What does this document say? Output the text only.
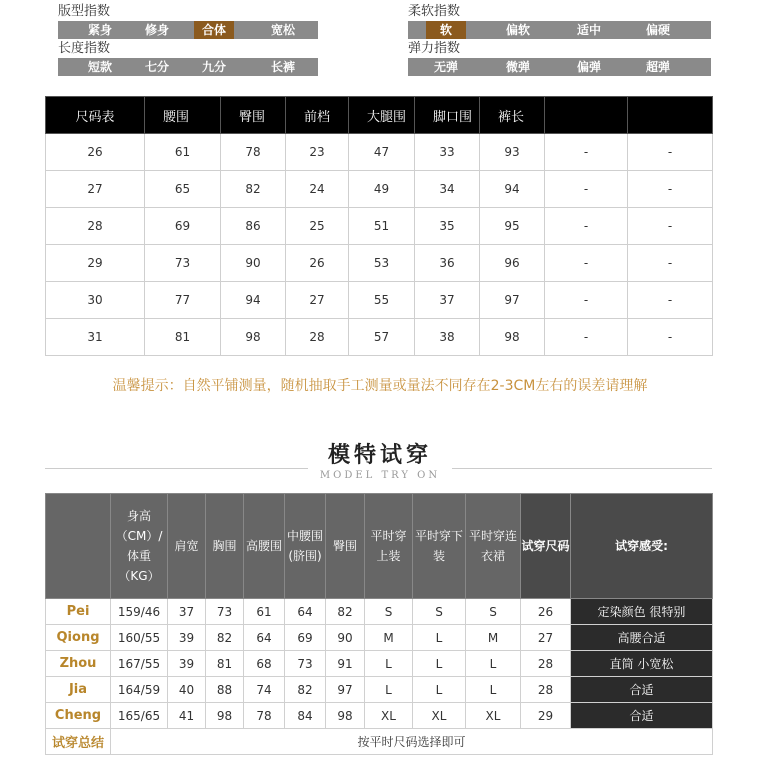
版型指数
紧身	修身	合体	宽松
长度指数
短款	七分	九分	长裤
柔软指数
软	偏软	适中	偏硬
弹力指数
无弹	微弹	偏弹	超弹
尺码表	腰围	臀围	前档	大腿围	脚口围	裤长		
26	61	78	23	47	33	93	-	-
27	65	82	24	49	34	94	-	-
28	69	86	25	51	35	95	-	-
29	73	90	26	53	36	96	-	-
30	77	94	27	55	37	97	-	-
31	81	98	28	57	38	98	-	-
温馨提示：自然平铺测量，随机抽取手工测量或量法不同存在2-3CM左右的误差请理解
模特试穿
MODEL TRY ON
	身高（CM）/体重（KG）	肩宽	胸围	高腰围	中腰围(脐围)	臀围	平时穿上装	平时穿下装	平时穿连衣裙	试穿尺码	试穿感受:
Pei	159/46	37	73	61	64	82	S	S	S	26	定染颜色 很特别
Qiong	160/55	39	82	64	69	90	M	L	M	27	高腰合适
Zhou	167/55	39	81	68	73	91	L	L	L	28	直筒 小宽松
Jia	164/59	40	88	74	82	97	L	L	L	28	合适
Cheng	165/65	41	98	78	84	98	XL	XL	XL	29	合适
试穿总结	按平时尺码选择即可										
